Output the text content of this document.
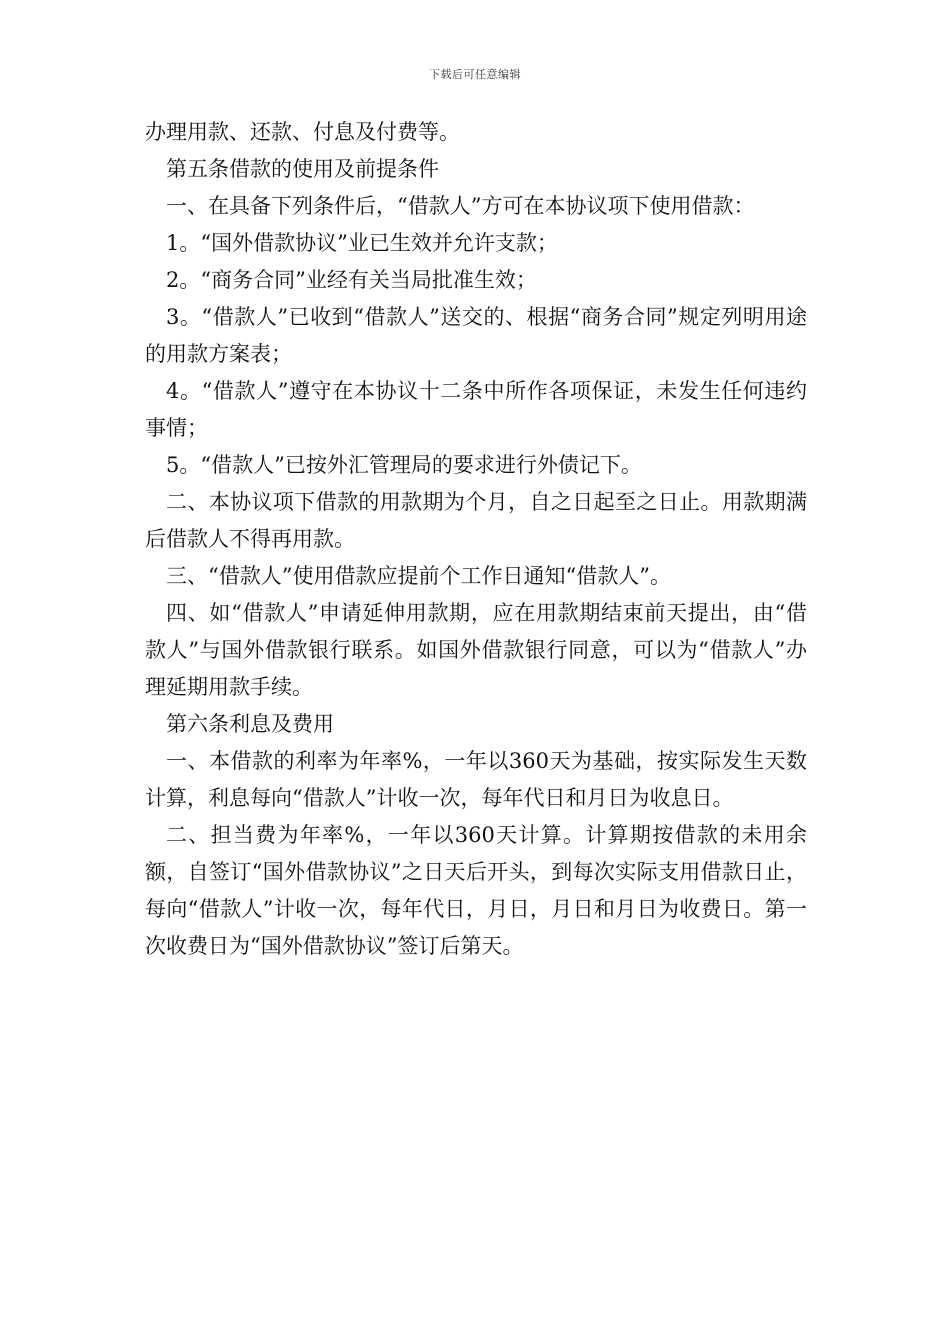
下载后可任意编辑

办理用款、还款、付息及付费等。

第五条借款的使用及前提条件

一、在具备下列条件后，“借款人”方可在本协议项下使用借款：

1。“国外借款协议”业已生效并允许支款；

2。“商务合同”业经有关当局批准生效；

3。“借款人”已收到“借款人”送交的、根据“商务合同”规定列明用途的用款方案表；

4。“借款人”遵守在本协议十二条中所作各项保证，未发生任何违约事情；

5。“借款人”已按外汇管理局的要求进行外债记下。

二、本协议项下借款的用款期为个月，自之日起至之日止。用款期满后借款人不得再用款。

三、“借款人”使用借款应提前个工作日通知“借款人”。

四、如“借款人”申请延伸用款期，应在用款期结束前天提出，由“借款人”与国外借款银行联系。如国外借款银行同意，可以为“借款人”办理延期用款手续。

第六条利息及费用

一、本借款的利率为年率%，一年以360天为基础，按实际发生天数计算，利息每向“借款人”计收一次，每年代日和月日为收息日。

二、担当费为年率%，一年以360天计算。计算期按借款的未用余额，自签订“国外借款协议”之日天后开头，到每次实际支用借款日止，每向“借款人”计收一次，每年代日，月日，月日和月日为收费日。第一次收费日为“国外借款协议”签订后第天。
